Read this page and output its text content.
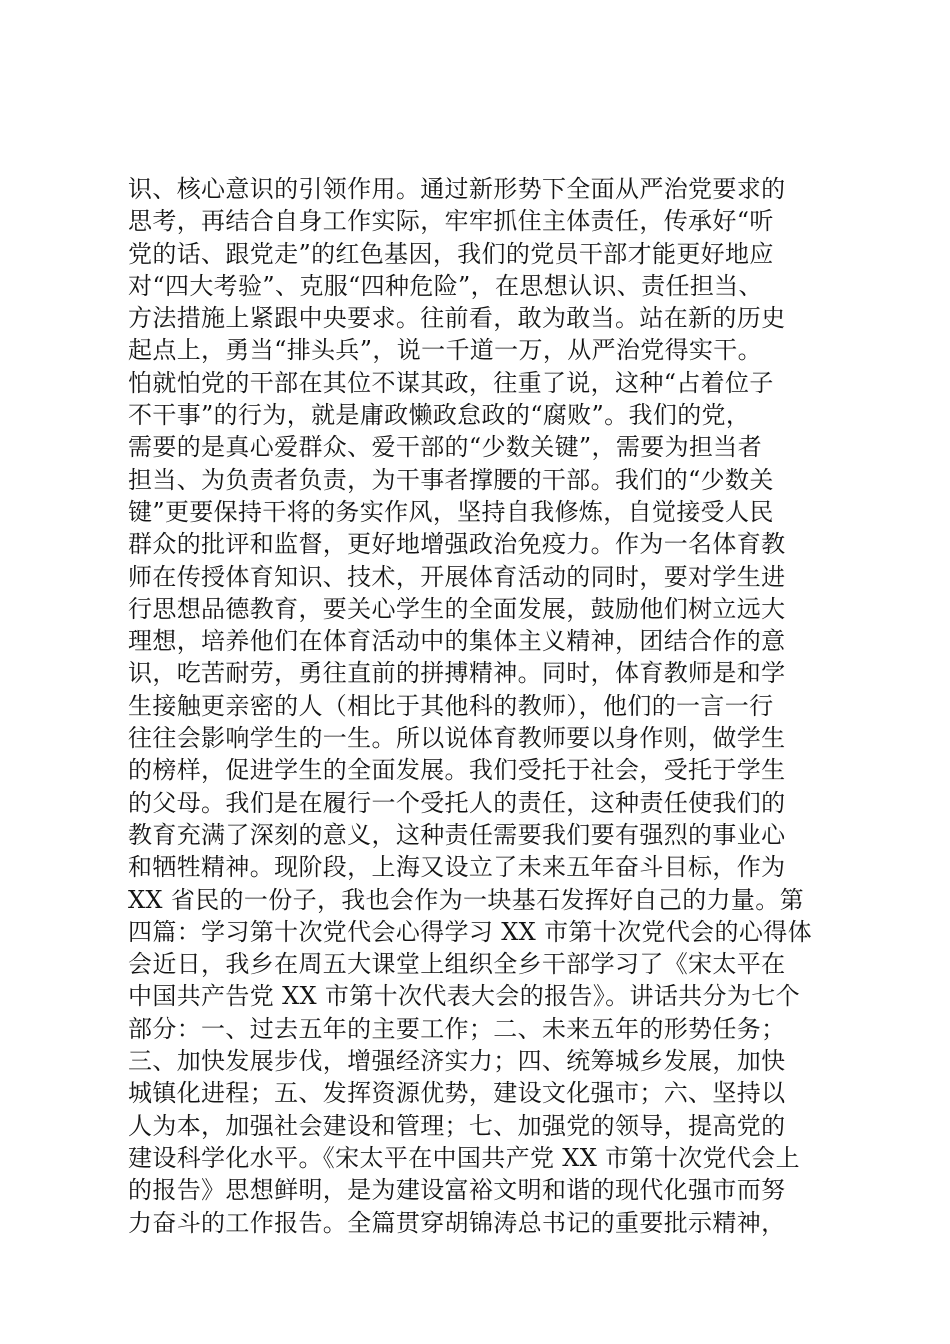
识、核心意识的引领作用。通过新形势下全面从严治党要求的
思考，再结合自身工作实际，牢牢抓住主体责任，传承好“听
党的话、跟党走”的红色基因，我们的党员干部才能更好地应
对“四大考验”、克服“四种危险”，在思想认识、责任担当、
方法措施上紧跟中央要求。往前看，敢为敢当。站在新的历史
起点上，勇当“排头兵”，说一千道一万，从严治党得实干。
怕就怕党的干部在其位不谋其政，往重了说，这种“占着位子
不干事”的行为，就是庸政懒政怠政的“腐败”。我们的党，
需要的是真心爱群众、爱干部的“少数关键”，需要为担当者
担当、为负责者负责，为干事者撑腰的干部。我们的“少数关
键”更要保持干将的务实作风，坚持自我修炼，自觉接受人民
群众的批评和监督，更好地增强政治免疫力。作为一名体育教
师在传授体育知识、技术，开展体育活动的同时，要对学生进
行思想品德教育，要关心学生的全面发展，鼓励他们树立远大
理想，培养他们在体育活动中的集体主义精神，团结合作的意
识，吃苦耐劳，勇往直前的拼搏精神。同时，体育教师是和学
生接触更亲密的人（相比于其他科的教师），他们的一言一行
往往会影响学生的一生。所以说体育教师要以身作则，做学生
的榜样，促进学生的全面发展。我们受托于社会，受托于学生
的父母。我们是在履行一个受托人的责任，这种责任使我们的
教育充满了深刻的意义，这种责任需要我们要有强烈的事业心
和牺牲精神。现阶段，上海又设立了未来五年奋斗目标，作为
XX 省民的一份子，我也会作为一块基石发挥好自己的力量。第
四篇：学习第十次党代会心得学习 XX 市第十次党代会的心得体
会近日，我乡在周五大课堂上组织全乡干部学习了《宋太平在
中国共产告党 XX 市第十次代表大会的报告》。讲话共分为七个
部分：一、过去五年的主要工作；二、未来五年的形势任务；
三、加快发展步伐，增强经济实力；四、统筹城乡发展，加快
城镇化进程；五、发挥资源优势，建设文化强市；六、坚持以
人为本，加强社会建设和管理；七、加强党的领导，提高党的
建设科学化水平。《宋太平在中国共产党 XX 市第十次党代会上
的报告》思想鲜明，是为建设富裕文明和谐的现代化强市而努
力奋斗的工作报告。全篇贯穿胡锦涛总书记的重要批示精神，
